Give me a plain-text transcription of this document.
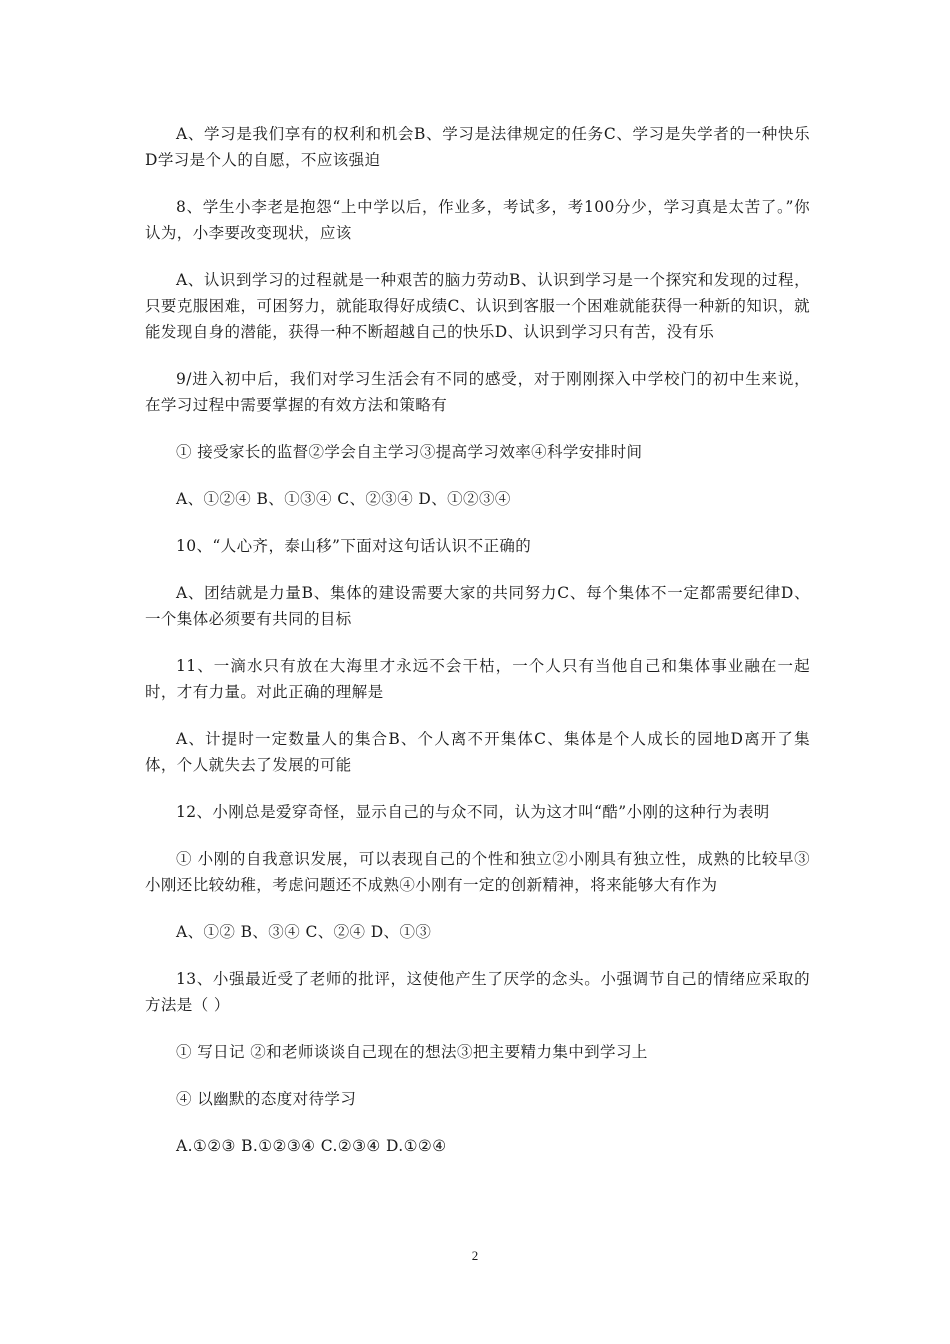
A、学习是我们享有的权利和机会B、学习是法律规定的任务C、学习是失学者的一种快乐D学习是个人的自愿，不应该强迫

8、学生小李老是抱怨“上中学以后，作业多，考试多，考100分少，学习真是太苦了。”你认为，小李要改变现状，应该

A、认识到学习的过程就是一种艰苦的脑力劳动B、认识到学习是一个探究和发现的过程，只要克服困难，可困努力，就能取得好成绩C、认识到客服一个困难就能获得一种新的知识，就能发现自身的潜能，获得一种不断超越自己的快乐D、认识到学习只有苦，没有乐

9/进入初中后，我们对学习生活会有不同的感受，对于刚刚探入中学校门的初中生来说，在学习过程中需要掌握的有效方法和策略有

① 接受家长的监督②学会自主学习③提高学习效率④科学安排时间

A、①②④ B、①③④ C、②③④ D、①②③④

10、“人心齐，泰山移”下面对这句话认识不正确的

A、团结就是力量B、集体的建设需要大家的共同努力C、每个集体不一定都需要纪律D、一个集体必须要有共同的目标

11、一滴水只有放在大海里才永远不会干枯，一个人只有当他自己和集体事业融在一起时，才有力量。对此正确的理解是

A、计提时一定数量人的集合B、个人离不开集体C、集体是个人成长的园地D离开了集体，个人就失去了发展的可能

12、小刚总是爱穿奇怪，显示自己的与众不同，认为这才叫“酷”小刚的这种行为表明

① 小刚的自我意识发展，可以表现自己的个性和独立②小刚具有独立性，成熟的比较早③小刚还比较幼稚，考虑问题还不成熟④小刚有一定的创新精神，将来能够大有作为

A、①② B、③④ C、②④ D、①③

13、小强最近受了老师的批评，这使他产生了厌学的念头。小强调节自己的情绪应采取的方法是（ ）

① 写日记 ②和老师谈谈自己现在的想法③把主要精力集中到学习上

④ 以幽默的态度对待学习

A.①②③ B.①②③④ C.②③④ D.①②④

2
